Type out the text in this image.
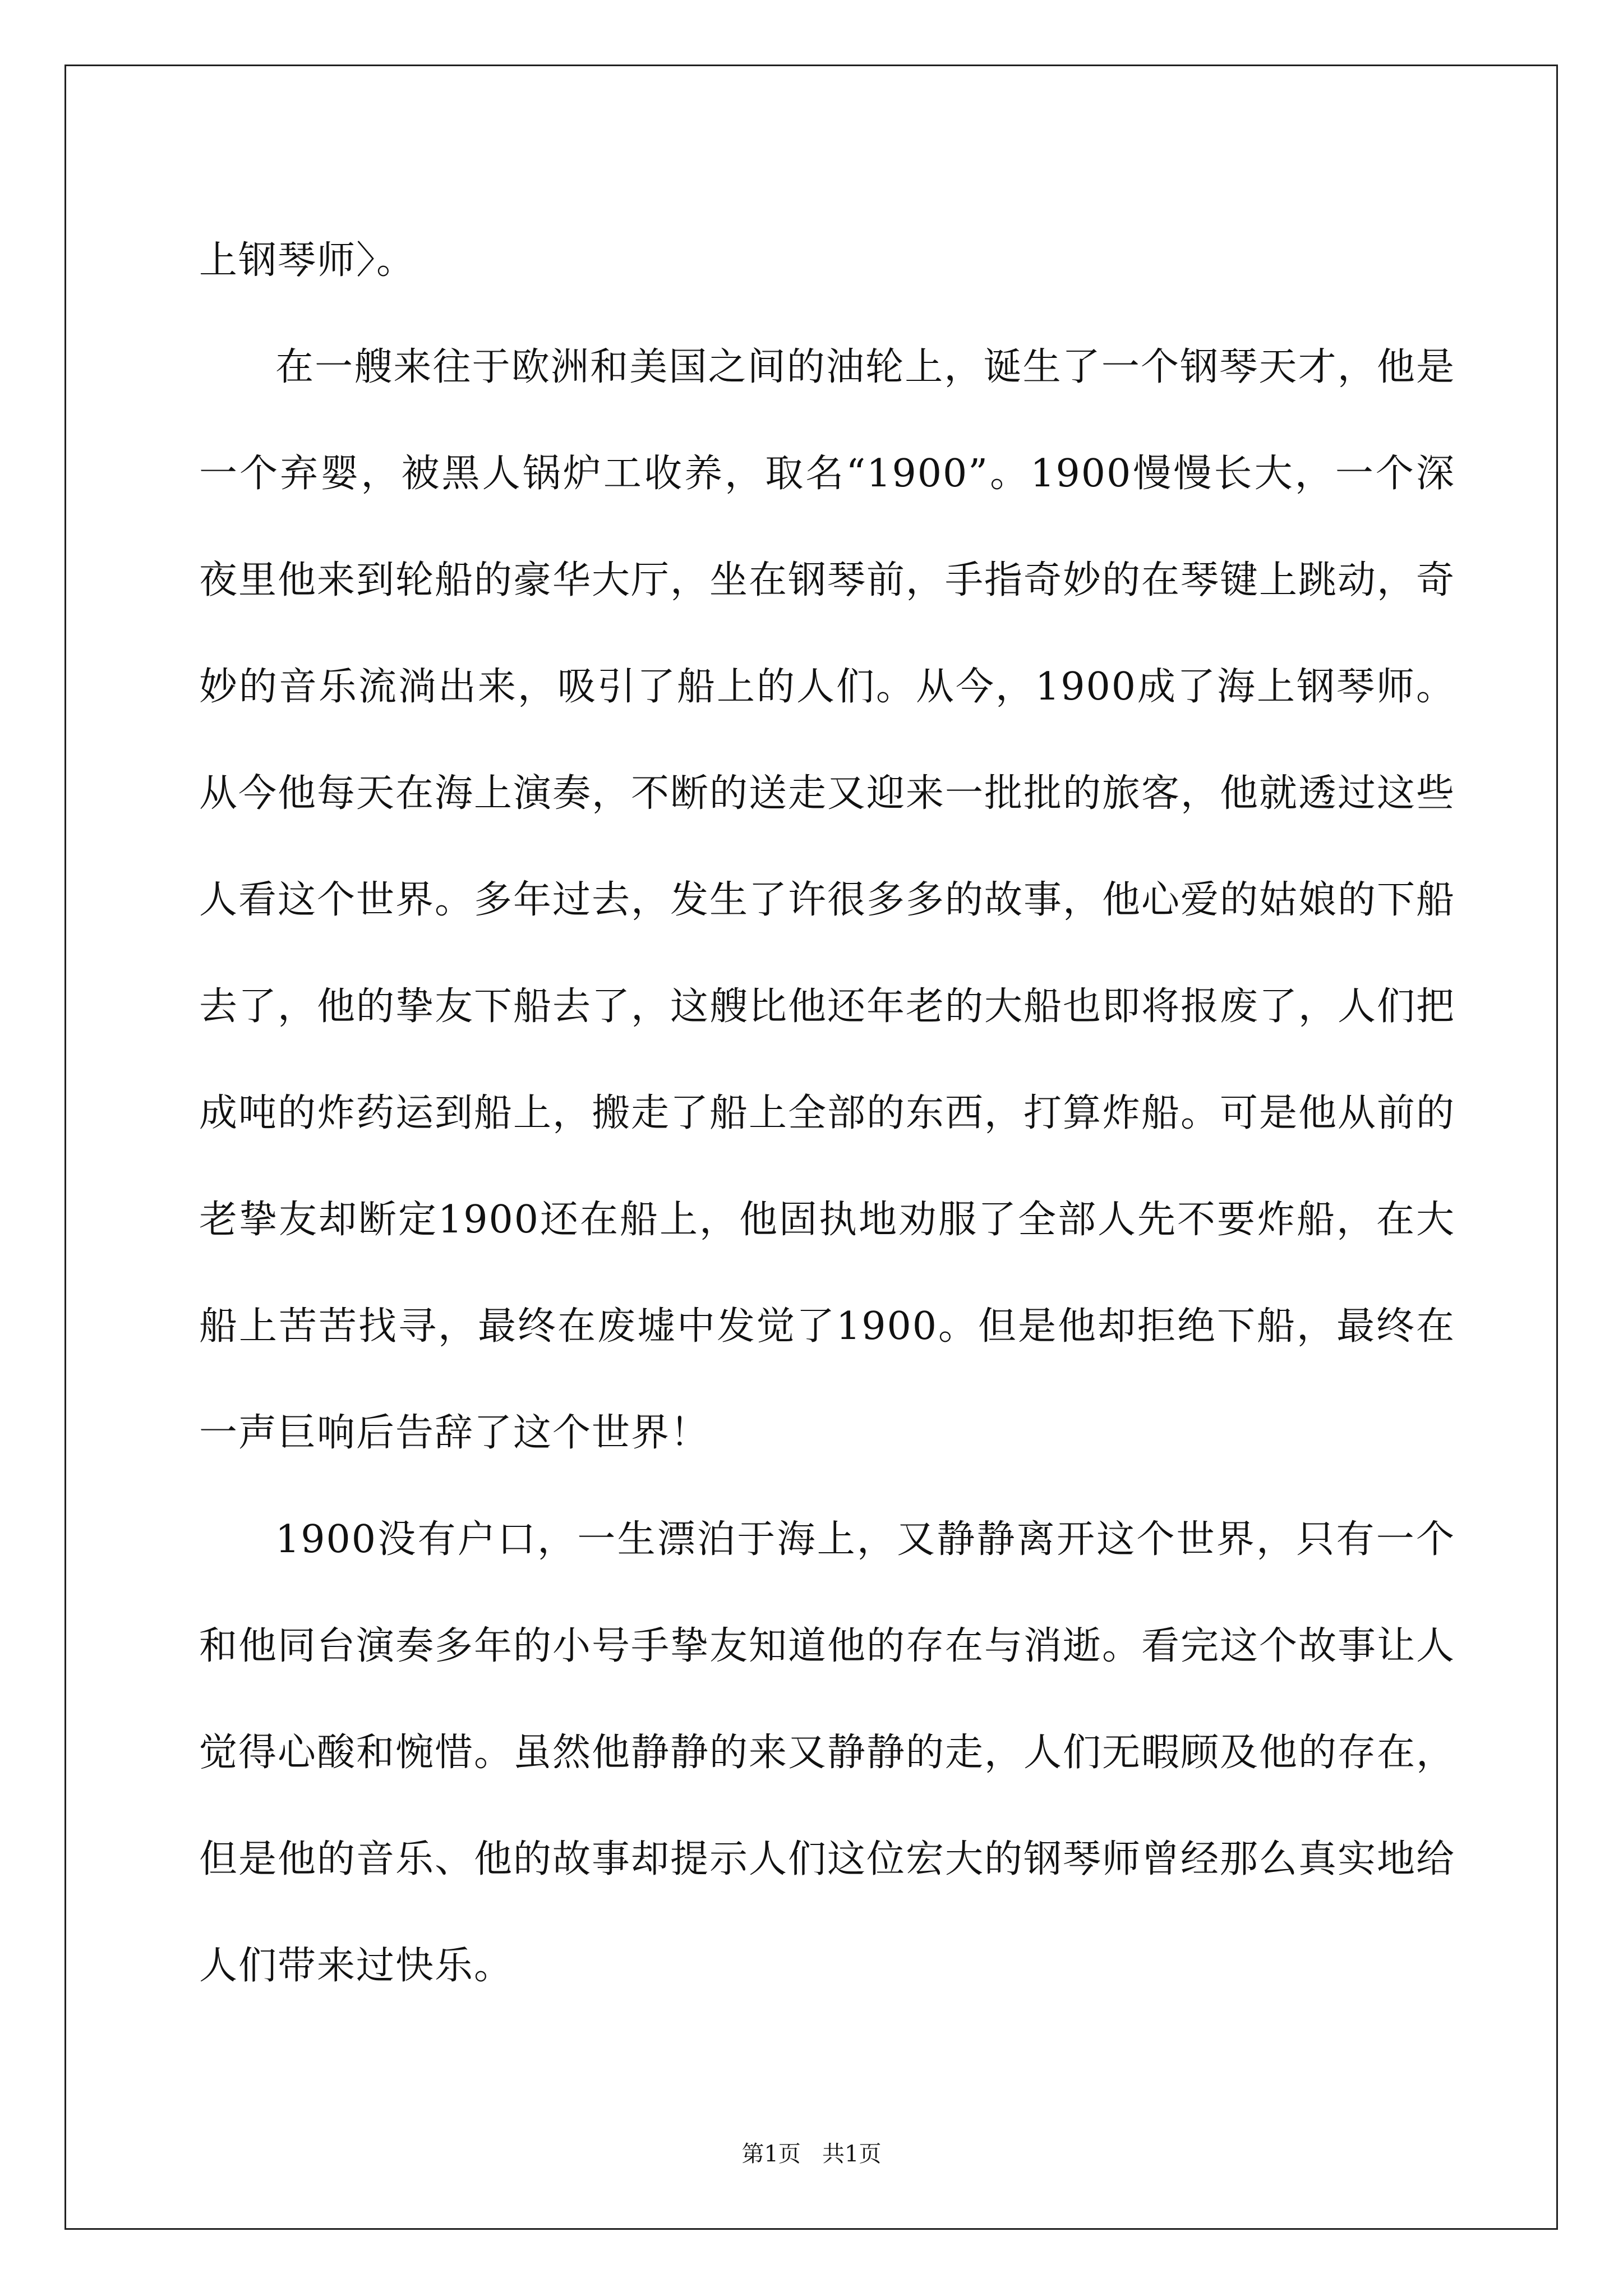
上钢琴师〉。

在一艘来往于欧洲和美国之间的油轮上，诞生了一个钢琴天才，他是一个弃婴，被黑人锅炉工收养，取名“1900”。1900慢慢长大，一个深夜里他来到轮船的豪华大厅，坐在钢琴前，手指奇妙的在琴键上跳动，奇妙的音乐流淌出来，吸引了船上的人们。从今，1900成了海上钢琴师。从今他每天在海上演奏，不断的送走又迎来一批批的旅客，他就透过这些人看这个世界。多年过去，发生了许很多多的故事，他心爱的姑娘的下船去了，他的挚友下船去了，这艘比他还年老的大船也即将报废了，人们把成吨的炸药运到船上，搬走了船上全部的东西，打算炸船。可是他从前的老挚友却断定1900还在船上，他固执地劝服了全部人先不要炸船，在大船上苦苦找寻，最终在废墟中发觉了1900。但是他却拒绝下船，最终在一声巨响后告辞了这个世界！

1900没有户口，一生漂泊于海上，又静静离开这个世界，只有一个和他同台演奏多年的小号手挚友知道他的存在与消逝。看完这个故事让人觉得心酸和惋惜。虽然他静静的来又静静的走，人们无暇顾及他的存在，但是他的音乐、他的故事却提示人们这位宏大的钢琴师曾经那么真实地给人们带来过快乐。

第1页   共1页
